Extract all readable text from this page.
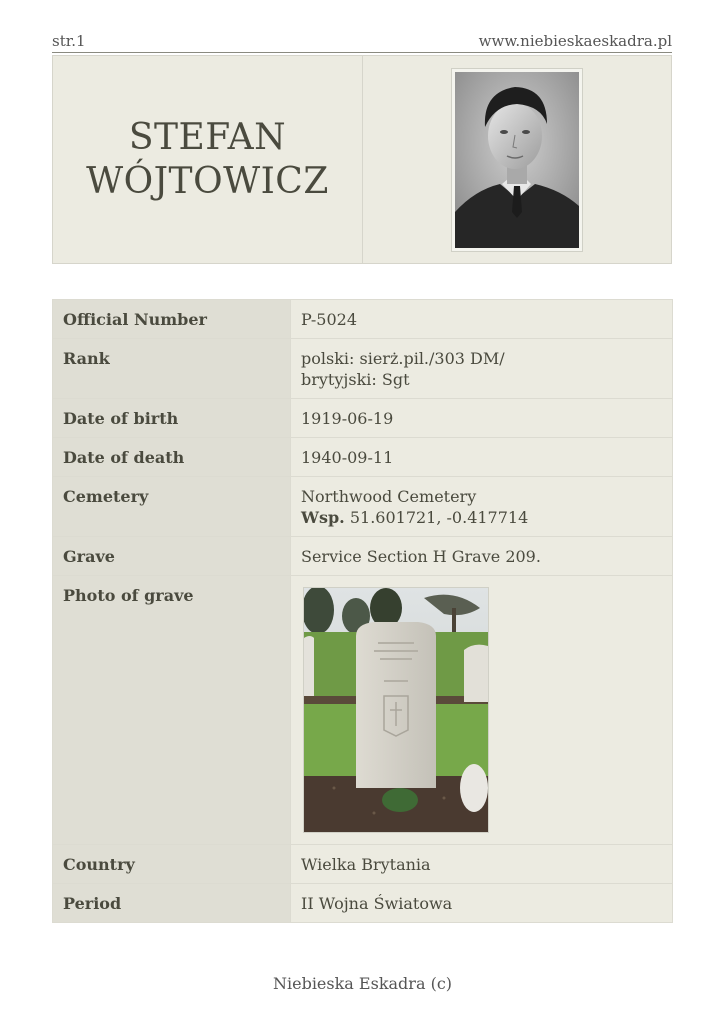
str.1	www.niebieskaeskadra.pl
STEFAN
WÓJTOWICZ
Official Number	P-5024
Rank	polski: sierż.pil./303 DM/
brytyjski: Sgt

Date of birth	1919-06-19
Date of death	1940-09-11
Cemetery	Northwood Cemetery
Wsp. 51.601721, -0.417714

Grave	Service Section H Grave 209.
Photo of grave	

Country	Wielka Brytania
Period	II Wojna Światowa
Niebieska Eskadra (c)
